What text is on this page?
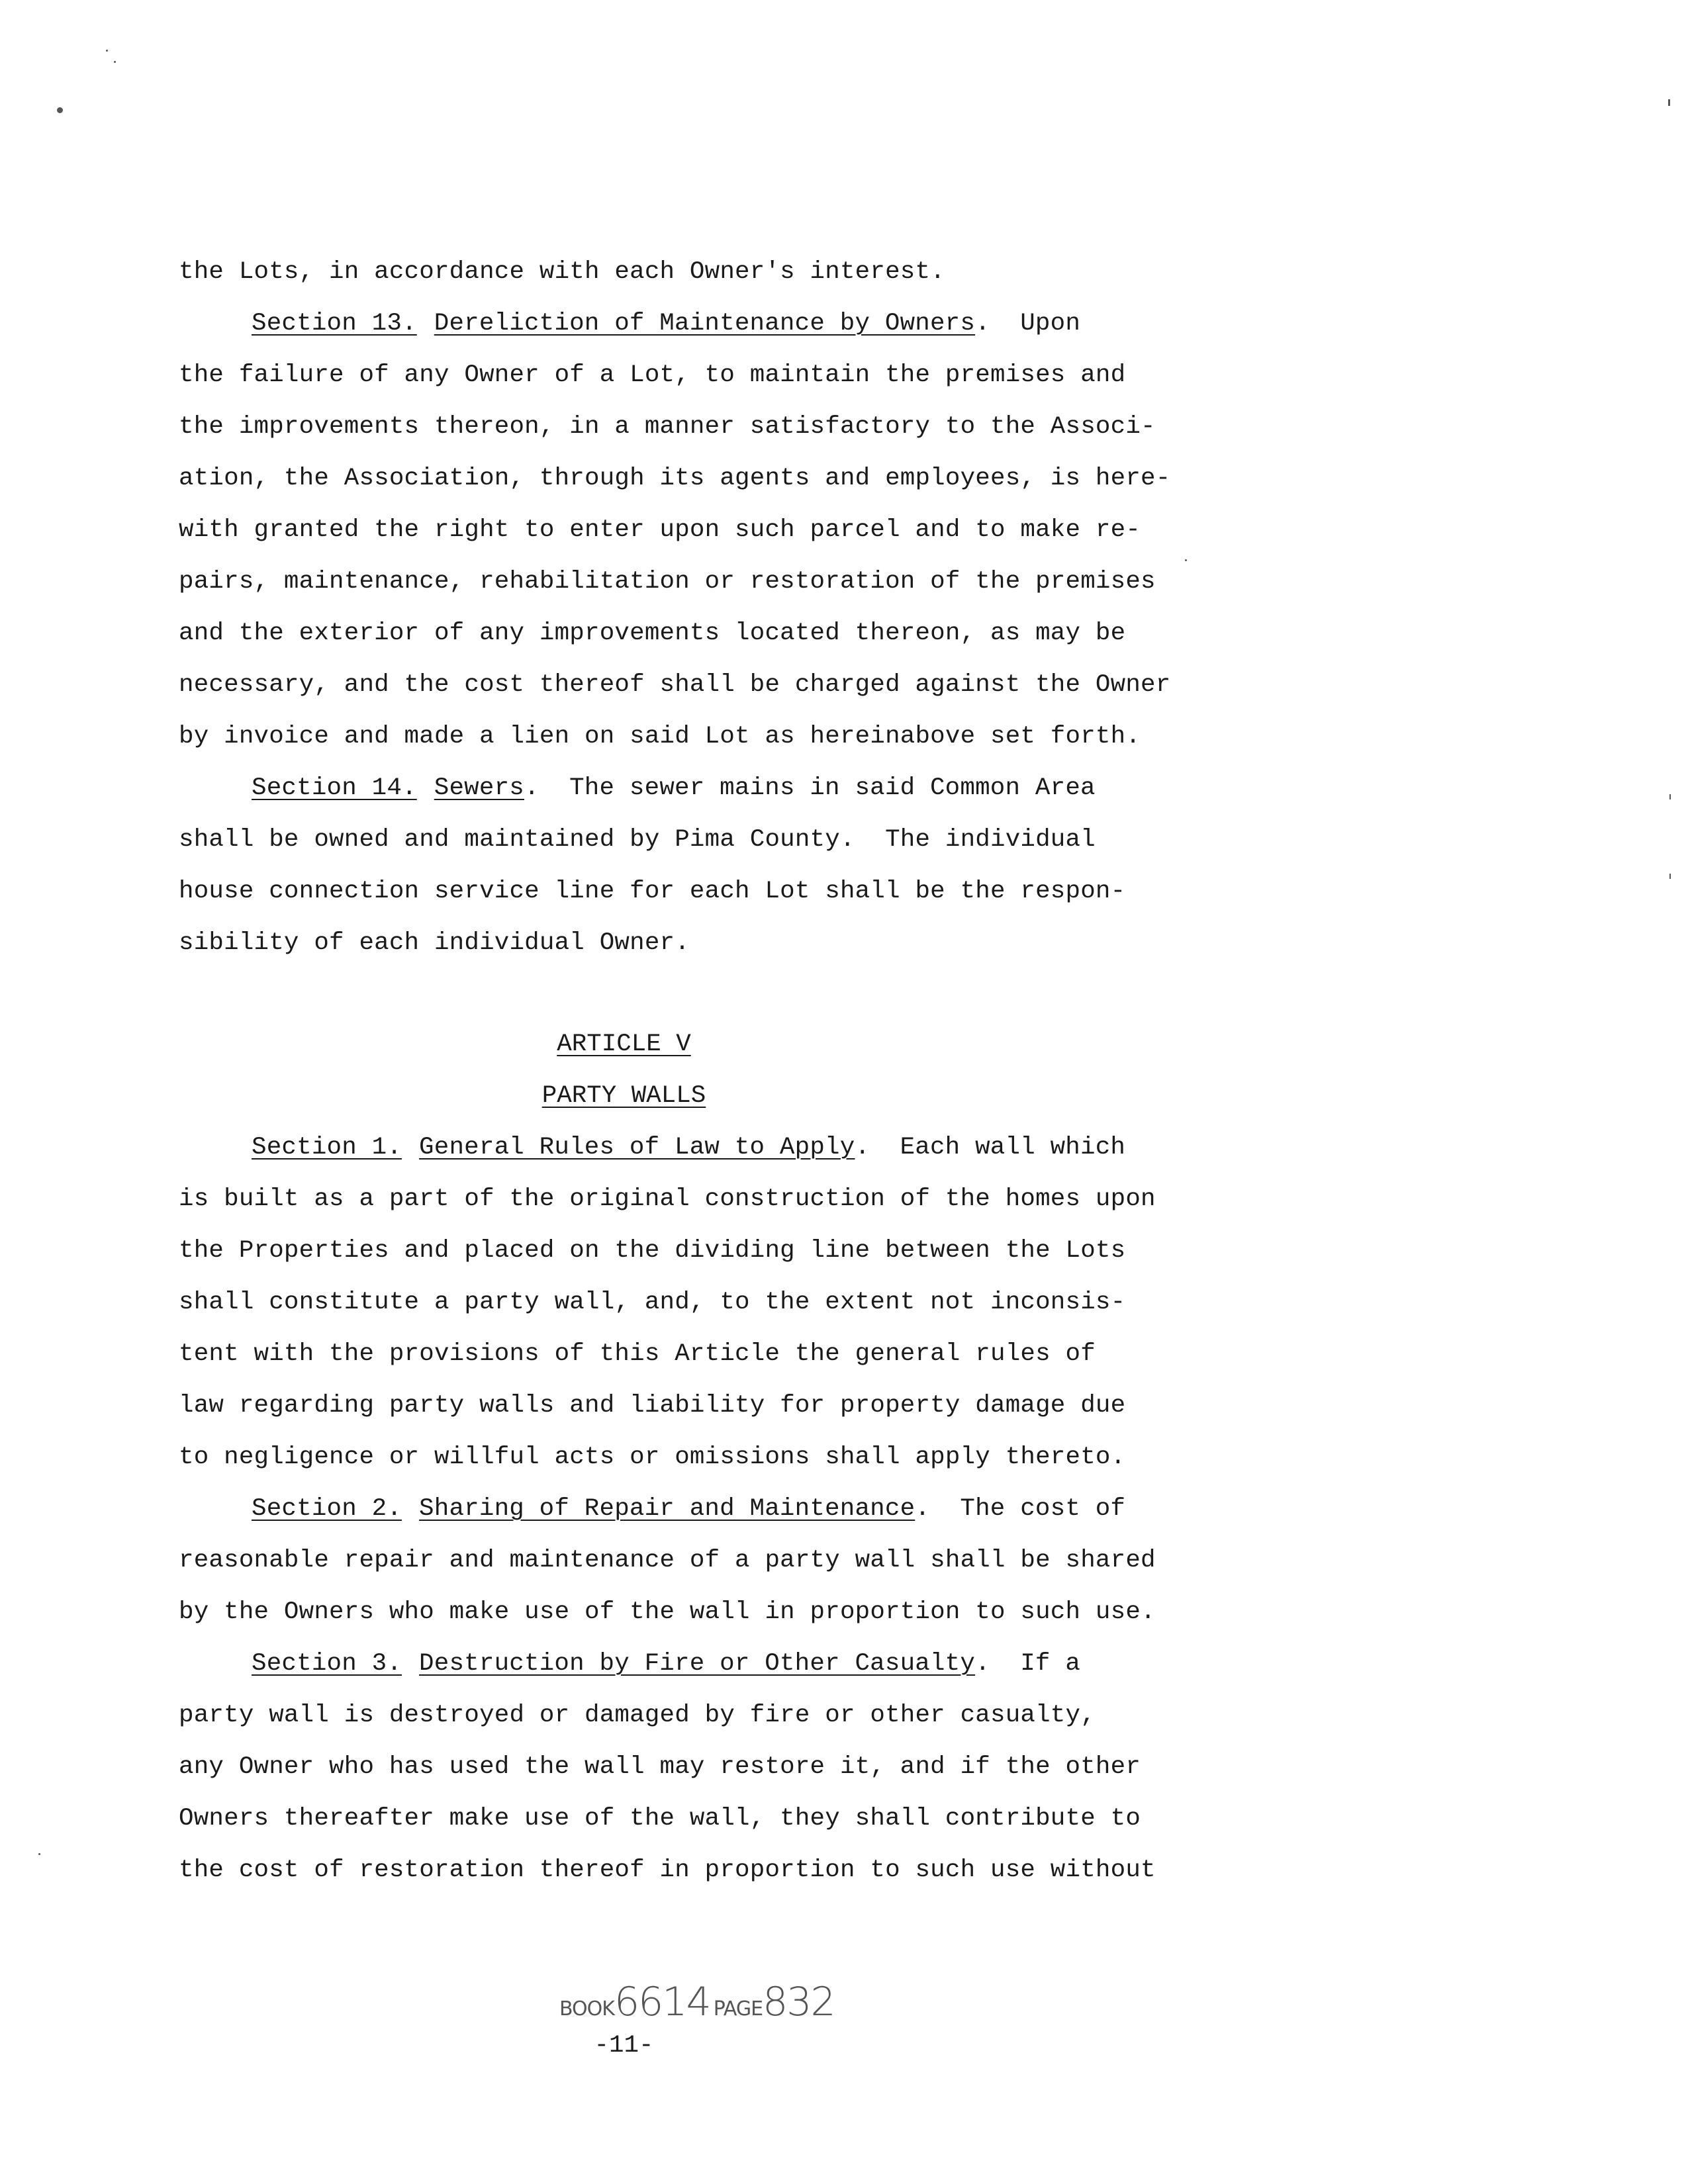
the Lots, in accordance with each Owner's interest.
Section 13. Dereliction of Maintenance by Owners.  Upon
the failure of any Owner of a Lot, to maintain the premises and
the improvements thereon, in a manner satisfactory to the Associ-
ation, the Association, through its agents and employees, is here-
with granted the right to enter upon such parcel and to make re-
pairs, maintenance, rehabilitation or restoration of the premises
and the exterior of any improvements located thereon, as may be
necessary, and the cost thereof shall be charged against the Owner
by invoice and made a lien on said Lot as hereinabove set forth.
Section 14. Sewers.  The sewer mains in said Common Area
shall be owned and maintained by Pima County.  The individual
house connection service line for each Lot shall be the respon-
sibility of each individual Owner.
ARTICLE V
PARTY WALLS
Section 1. General Rules of Law to Apply.  Each wall which
is built as a part of the original construction of the homes upon
the Properties and placed on the dividing line between the Lots
shall constitute a party wall, and, to the extent not inconsis-
tent with the provisions of this Article the general rules of
law regarding party walls and liability for property damage due
to negligence or willful acts or omissions shall apply thereto.
Section 2. Sharing of Repair and Maintenance.  The cost of
reasonable repair and maintenance of a party wall shall be shared
by the Owners who make use of the wall in proportion to such use.
Section 3. Destruction by Fire or Other Casualty.  If a
party wall is destroyed or damaged by fire or other casualty,
any Owner who has used the wall may restore it, and if the other
Owners thereafter make use of the wall, they shall contribute to
the cost of restoration thereof in proportion to such use without
BOOK6614 PAGE832
-11-
